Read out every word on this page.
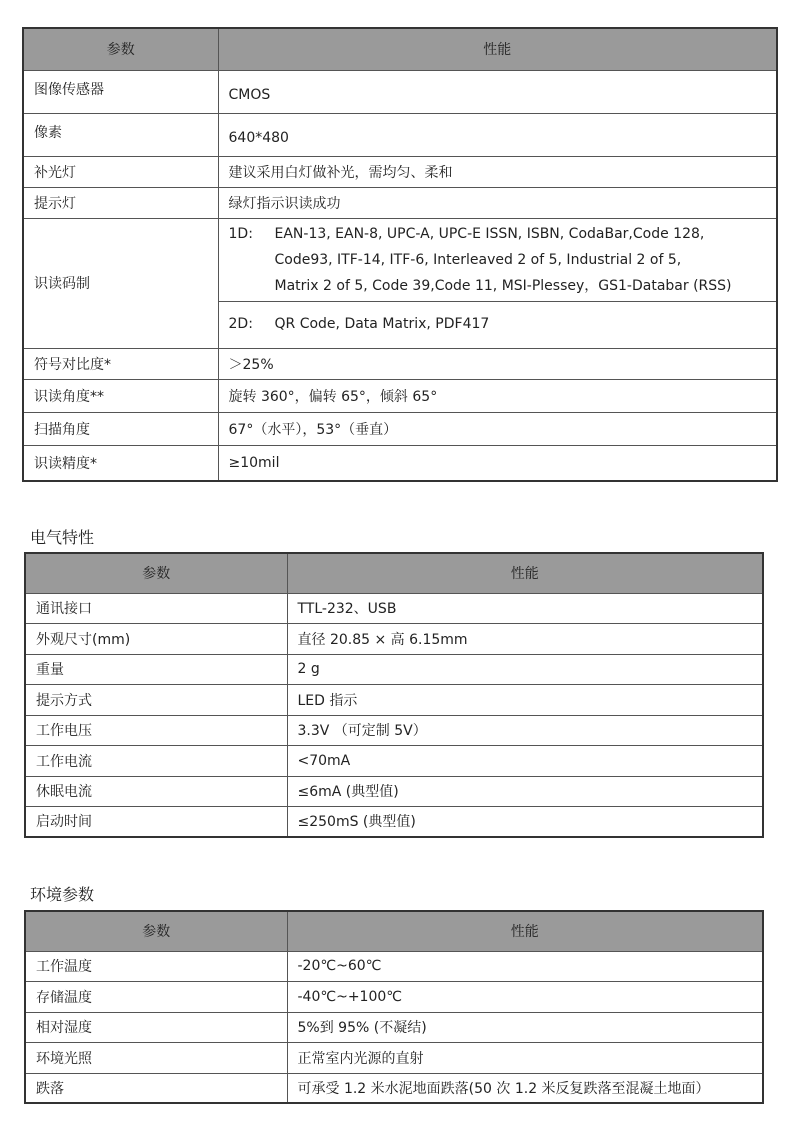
参数	性能
图像传感器	CMOS
像素	640*480
补光灯	建议采用白灯做补光，需均匀、柔和
提示灯	绿灯指示识读成功
识读码制	1D: EAN-13, EAN-8, UPC-A, UPC-E ISSN, ISBN, CodaBar,Code 128,
Code93, ITF-14, ITF-6, Interleaved 2 of 5, Industrial 2 of 5,
Matrix 2 of 5, Code 39,Code 11, MSI-Plessey，GS1-Databar (RSS)

	2D: QR Code, Data Matrix, PDF417

符号对比度*	＞25%
识读角度**	旋转 360°，偏转 65°，倾斜 65°
扫描角度	67°（水平），53°（垂直）
识读精度*	≥10mil
电气特性
参数	性能
通讯接口	TTL-232、USB
外观尺寸(mm)	直径 20.85 × 高 6.15mm
重量	2 g
提示方式	LED 指示
工作电压	3.3V （可定制 5V）
工作电流	<70mA
休眠电流	≤6mA (典型值)
启动时间	≤250mS (典型值)
环境参数
参数	性能
工作温度	-20℃~60℃
存储温度	-40℃~+100℃
相对湿度	5%到 95% (不凝结)
环境光照	正常室内光源的直射
跌落	可承受 1.2 米水泥地面跌落(50 次 1.2 米反复跌落至混凝土地面）
